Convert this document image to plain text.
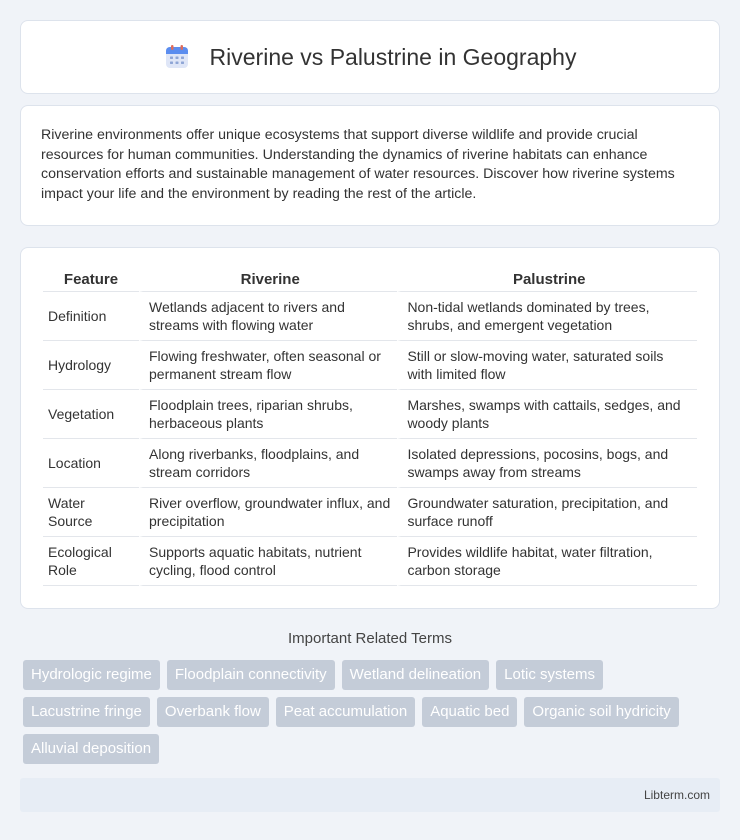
Riverine vs Palustrine in Geography

Riverine environments offer unique ecosystems that support diverse wildlife and provide crucial resources for human communities. Understanding the dynamics of riverine habitats can enhance conservation efforts and sustainable management of water resources. Discover how riverine systems impact your life and the environment by reading the rest of the article.

Feature	Riverine	Palustrine
Definition	Wetlands adjacent to rivers and streams with flowing water	Non-tidal wetlands dominated by trees, shrubs, and emergent vegetation
Hydrology	Flowing freshwater, often seasonal or permanent stream flow	Still or slow-moving water, saturated soils with limited flow
Vegetation	Floodplain trees, riparian shrubs, herbaceous plants	Marshes, swamps with cattails, sedges, and woody plants
Location	Along riverbanks, floodplains, and stream corridors	Isolated depressions, pocosins, bogs, and swamps away from streams
Water Source	River overflow, groundwater influx, and precipitation	Groundwater saturation, precipitation, and surface runoff
Ecological Role	Supports aquatic habitats, nutrient cycling, flood control	Provides wildlife habitat, water filtration, carbon storage
Important Related Terms
Hydrologic regime	Floodplain connectivity	Wetland delineation	Lotic systems
Lacustrine fringe	Overbank flow	Peat accumulation	Aquatic bed	Organic soil hydricity
Alluvial deposition
Libterm.com
